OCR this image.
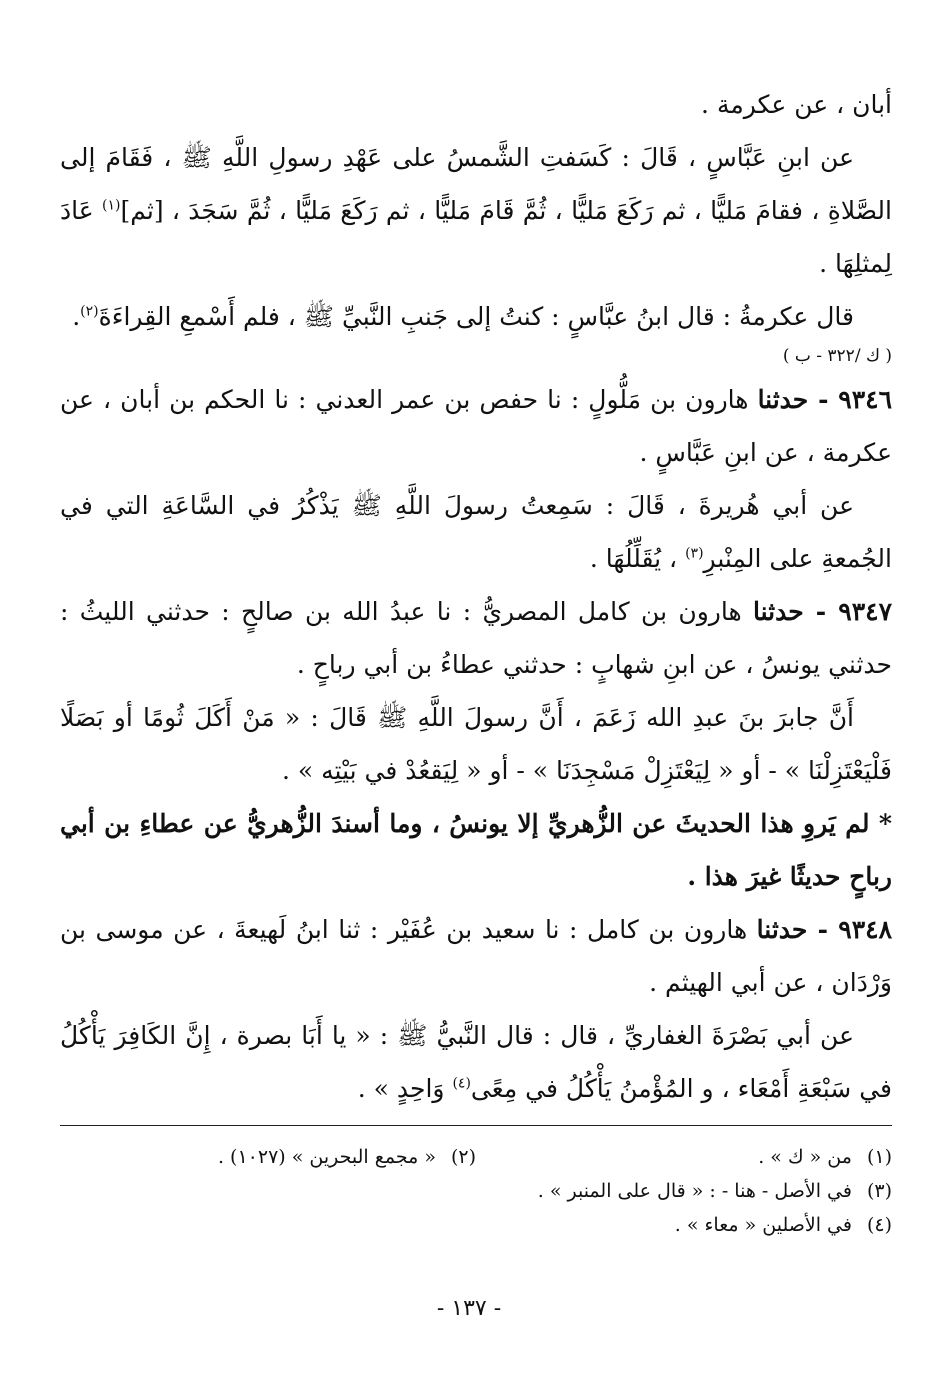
أبان ، عن عكرمة .

عن ابنِ عَبَّاسٍ ، قَالَ : كَسَفتِ الشَّمسُ على عَهْدِ رسولِ اللَّهِ ﷺ ، فَقَامَ إلى الصَّلاةِ ، فقامَ مَليًّا ، ثم رَكَعَ مَليًّا ، ثُمَّ قَامَ مَليًّا ، ثم رَكَعَ مَليًّا ، ثُمَّ سَجَدَ ، [ثم]$^{(١)}$ عَادَ لِمثلِهَا .

قال عكرمةُ : قال ابنُ عبَّاسٍ : كنتُ إلى جَنبِ النَّبيِّ ﷺ ، فلم أَسْمعِ القِراءَةَ$^{(٢)}$.

( ك /٣٢٢ - ب )

٩٣٤٦ - حدثنا هارون بن مَلُّولٍ : نا حفص بن عمر العدني : نا الحكم بن أبان ، عن عكرمة ، عن ابنِ عَبَّاسٍ .

عن أبي هُريرةَ ، قَالَ : سَمِعتُ رسولَ اللَّهِ ﷺ يَذْكُرُ في السَّاعَةِ التي في الجُمعةِ على المِنْبرِ$^{(٣)}$ ، يُقَلِّلُهَا .

٩٣٤٧ - حدثنا هارون بن كامل المصريُّ : نا عبدُ الله بن صالحٍ : حدثني الليثُ : حدثني يونسُ ، عن ابنِ شهابٍ : حدثني عطاءُ بن أبي رباحٍ .

أَنَّ جابرَ بنَ عبدِ الله زَعَمَ ، أَنَّ رسولَ اللَّهِ ﷺ قَالَ : « مَنْ أَكَلَ ثُومًا أو بَصَلًا فَلْيَعْتَزِلْنَا » - أو « لِيَعْتَزِلْ مَسْجِدَنَا » - أو « لِيَقعُدْ في بَيْتِه » .

* لم يَروِ هذا الحديثَ عن الزُّهريِّ إلا يونسُ ، وما أسندَ الزُّهريُّ عن عطاءِ بن أبي رباحٍ حديثًا غيرَ هذا .

٩٣٤٨ - حدثنا هارون بن كامل : نا سعيد بن عُفَيْر : ثنا ابنُ لَهيعةَ ، عن موسى بن وَرْدَان ، عن أبي الهيثم .

عن أبي بَصْرَةَ الغفاريِّ ، قال : قال النَّبيُّ ﷺ : « يا أَبَا بصرة ، إِنَّ الكَافِرَ يَأْكُلُ في سَبْعَةِ أَمْعَاء ، و المُؤْمنُ يَأْكُلُ في مِعًى$^{(٤)}$ وَاحِدٍ » .

(١) من « ك » .
(٢) « مجمع البحرين » (١٠٢٧) .
(٣) في الأصل - هنا - : « قال على المنبر » .
(٤) في الأصلين « معاء » .
- ١٣٧ -
